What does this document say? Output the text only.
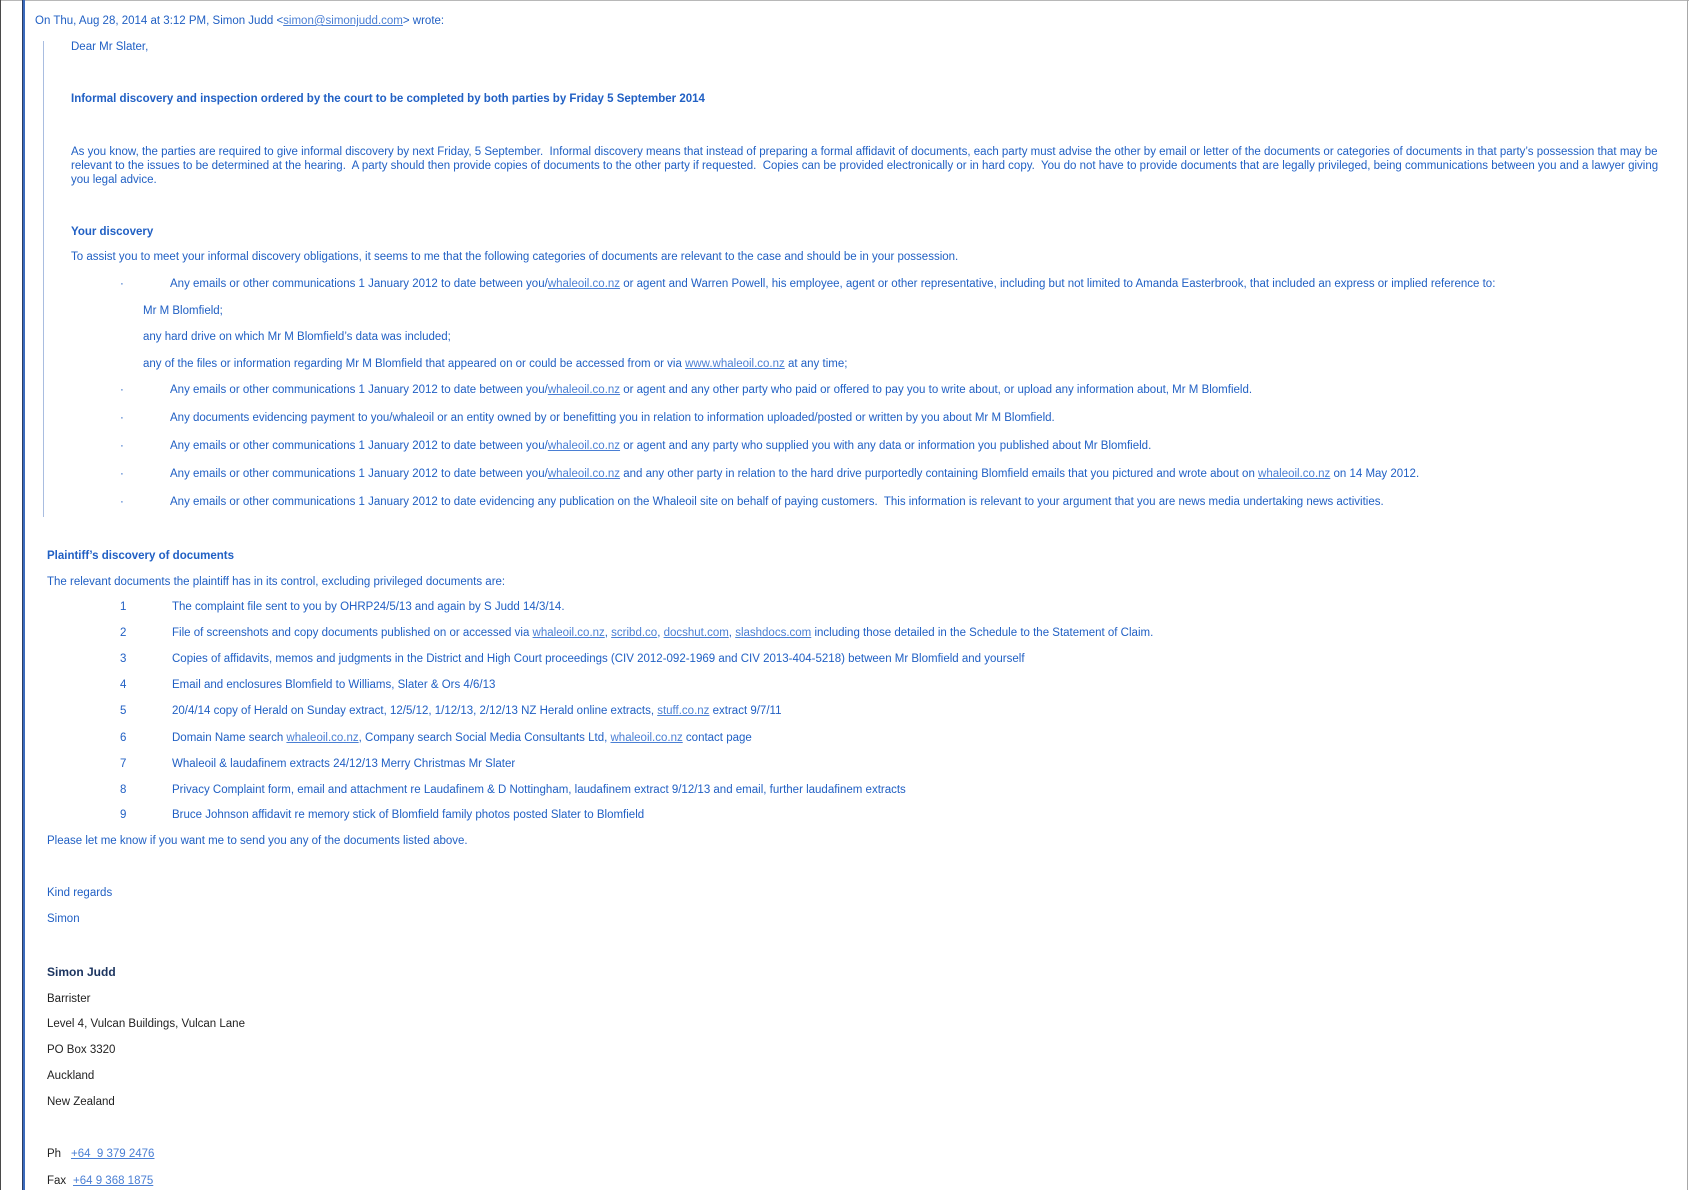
On Thu, Aug 28, 2014 at 3:12 PM, Simon Judd <simon@simonjudd.com> wrote:
Dear Mr Slater,
Informal discovery and inspection ordered by the court to be completed by both parties by Friday 5 September 2014
As you know, the parties are required to give informal discovery by next Friday, 5 September.  Informal discovery means that instead of preparing a formal affidavit of documents, each party must advise the other by email or letter of the documents or categories of documents in that party’s possession that may be relevant to the issues to be determined at the hearing.  A party should then provide copies of documents to the other party if requested.  Copies can be provided electronically or in hard copy.  You do not have to provide documents that are legally privileged, being communications between you and a lawyer giving you legal advice.
Your discovery
To assist you to meet your informal discovery obligations, it seems to me that the following categories of documents are relevant to the case and should be in your possession.
·	Any emails or other communications 1 January 2012 to date between you/whaleoil.co.nz or agent and Warren Powell, his employee, agent or other representative, including but not limited to Amanda Easterbrook, that included an express or implied reference to:
Mr M Blomfield;
any hard drive on which Mr M Blomfield’s data was included;
any of the files or information regarding Mr M Blomfield that appeared on or could be accessed from or via www.whaleoil.co.nz at any time;
·	Any emails or other communications 1 January 2012 to date between you/whaleoil.co.nz or agent and any other party who paid or offered to pay you to write about, or upload any information about, Mr M Blomfield.
·	Any documents evidencing payment to you/whaleoil or an entity owned by or benefitting you in relation to information uploaded/posted or written by you about Mr M Blomfield.
·	Any emails or other communications 1 January 2012 to date between you/whaleoil.co.nz or agent and any party who supplied you with any data or information you published about Mr Blomfield.
·	Any emails or other communications 1 January 2012 to date between you/whaleoil.co.nz and any other party in relation to the hard drive purportedly containing Blomfield emails that you pictured and wrote about on whaleoil.co.nz on 14 May 2012.
·	Any emails or other communications 1 January 2012 to date evidencing any publication on the Whaleoil site on behalf of paying customers.  This information is relevant to your argument that you are news media undertaking news activities.
Plaintiff’s discovery of documents
The relevant documents the plaintiff has in its control, excluding privileged documents are:
1	The complaint file sent to you by OHRP24/5/13 and again by S Judd 14/3/14.
2	File of screenshots and copy documents published on or accessed via whaleoil.co.nz, scribd.co, docshut.com, slashdocs.com including those detailed in the Schedule to the Statement of Claim.
3	Copies of affidavits, memos and judgments in the District and High Court proceedings (CIV 2012-092-1969 and CIV 2013-404-5218) between Mr Blomfield and yourself
4	Email and enclosures Blomfield to Williams, Slater & Ors 4/6/13
5	20/4/14 copy of Herald on Sunday extract, 12/5/12, 1/12/13, 2/12/13 NZ Herald online extracts, stuff.co.nz extract 9/7/11
6	Domain Name search whaleoil.co.nz, Company search Social Media Consultants Ltd, whaleoil.co.nz contact page
7	Whaleoil & laudafinem extracts 24/12/13 Merry Christmas Mr Slater
8	Privacy Complaint form, email and attachment re Laudafinem & D Nottingham, laudafinem extract 9/12/13 and email, further laudafinem extracts
9	Bruce Johnson affidavit re memory stick of Blomfield family photos posted Slater to Blomfield
Please let me know if you want me to send you any of the documents listed above.
Kind regards
Simon
Simon Judd
Barrister
Level 4, Vulcan Buildings, Vulcan Lane
PO Box 3320
Auckland
New Zealand
Ph +64  9 379 2476
Fax +64 9 368 1875
